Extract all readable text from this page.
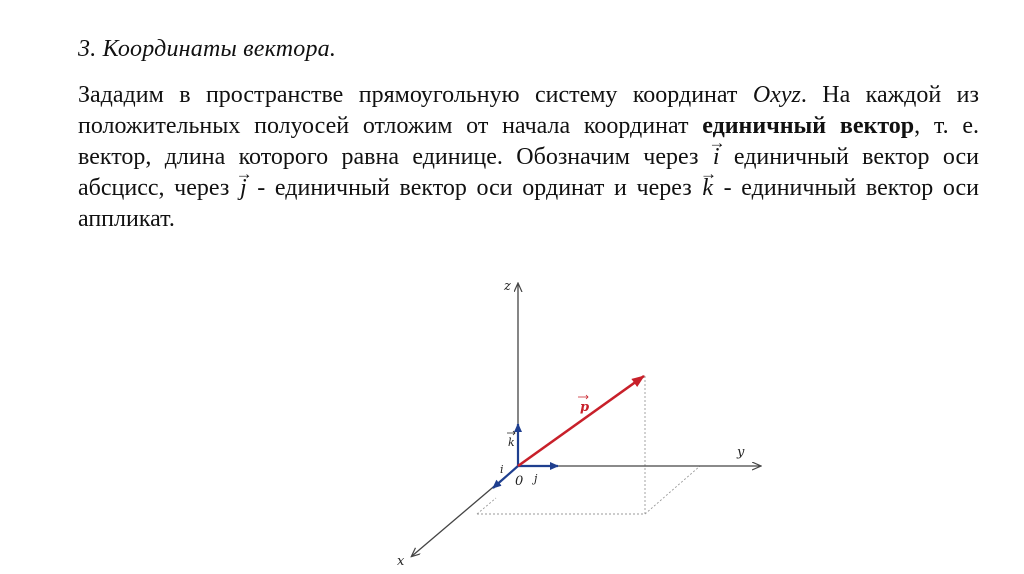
3. Координаты вектора.
Зададим в пространстве прямоугольную систему координат Oxyz. На каждой из положительных полуосей отложим от начала координат единичный вектор, т. е. вектор, длина которого равна единице. Обозначим через → i единичный вектор оси абсцисс, через → j - единичный вектор оси ординат и через → k - единичный вектор оси аппликат.
z
y
x
0
i
j
k
p
